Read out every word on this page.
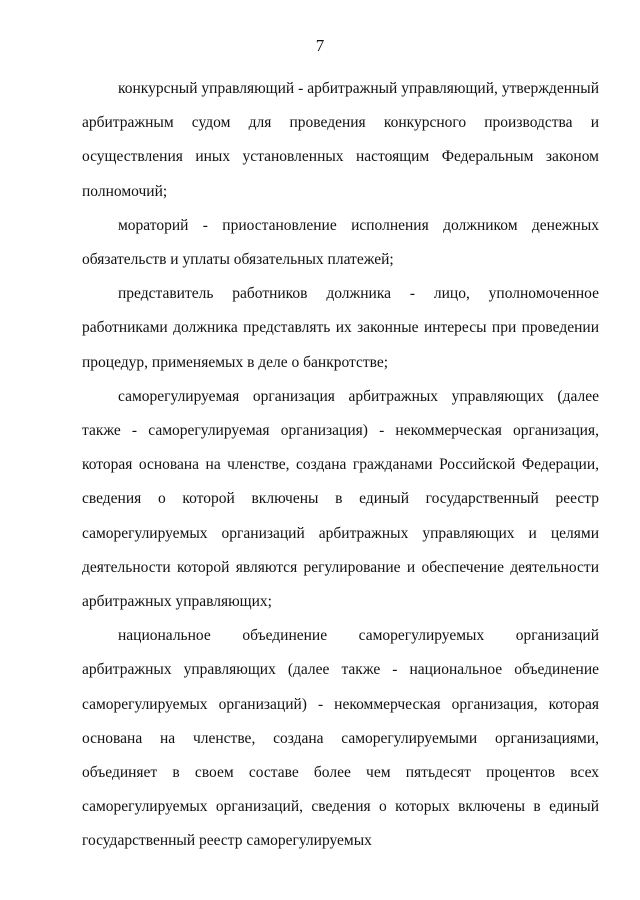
7

конкурсный управляющий - арбитражный управляющий, утвержденный арбитражным судом для проведения конкурсного производства и осуществления иных установленных настоящим Федеральным законом полномочий;

мораторий - приостановление исполнения должником денежных обязательств и уплаты обязательных платежей;

представитель работников должника - лицо, уполномоченное работниками должника представлять их законные интересы при проведении процедур, применяемых в деле о банкротстве;

саморегулируемая организация арбитражных управляющих (далее также - саморегулируемая организация) - некоммерческая организация, которая основана на членстве, создана гражданами Российской Федерации, сведения о которой включены в единый государственный реестр саморегулируемых организаций арбитражных управляющих и целями деятельности которой являются регулирование и обеспечение деятельности арбитражных управляющих;

национальное объединение саморегулируемых организаций арбитражных управляющих (далее также - национальное объединение саморегулируемых организаций) - некоммерческая организация, которая основана на членстве, создана саморегулируемыми организациями, объединяет в своем составе более чем пятьдесят процентов всех саморегулируемых организаций, сведения о которых включены в единый государственный реестр саморегулируемых
